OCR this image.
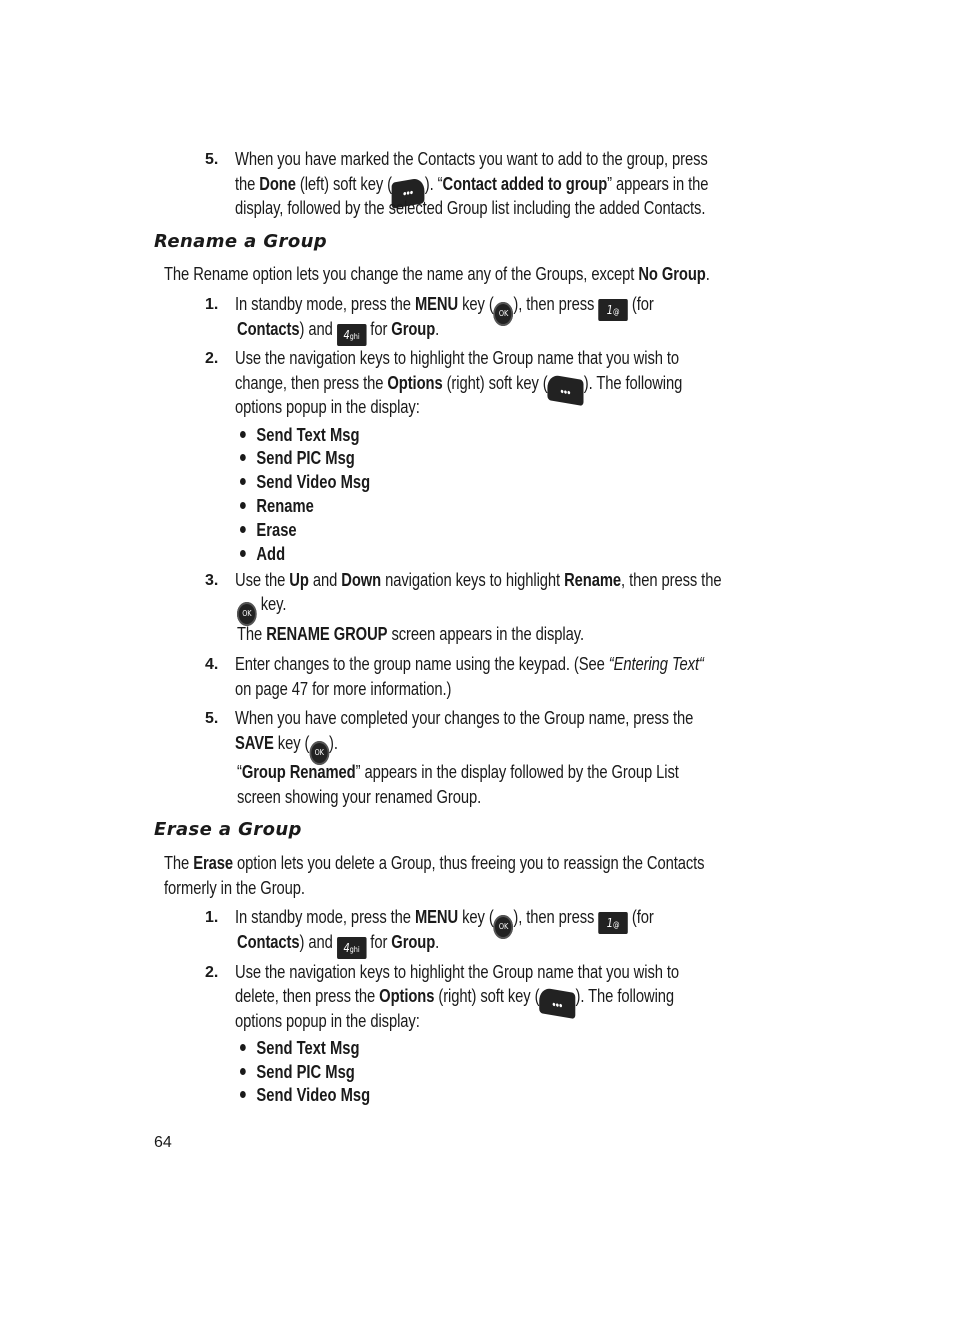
5. When you have marked the Contacts you want to add to the group, press
the Done (left) soft key ( ••• ). “Contact added to group” appears in the
display, followed by the selected Group list including the added Contacts.
Rename a Group
The Rename option lets you change the name any of the Groups, except No Group.
1. In standby mode, press the MENU key ( OK ), then press 1@ (for
Contacts) and 4ghi for Group.
2. Use the navigation keys to highlight the Group name that you wish to
change, then press the Options (right) soft key ( ••• ). The following
options popup in the display:
Send Text Msg
Send PIC Msg
Send Video Msg
Rename
Erase
Add
3. Use the Up and Down navigation keys to highlight Rename, then press the
OK key.
The RENAME GROUP screen appears in the display.
4. Enter changes to the group name using the keypad. (See “Entering Text“
on page 47 for more information.)
5. When you have completed your changes to the Group name, press the
SAVE key ( OK ).
“Group Renamed” appears in the display followed by the Group List
screen showing your renamed Group.
Erase a Group
The Erase option lets you delete a Group, thus freeing you to reassign the Contacts
formerly in the Group.
1. In standby mode, press the MENU key ( OK ), then press 1@ (for
Contacts) and 4ghi for Group.
2. Use the navigation keys to highlight the Group name that you wish to
delete, then press the Options (right) soft key ( ••• ). The following
options popup in the display:
Send Text Msg
Send PIC Msg
Send Video Msg
64
